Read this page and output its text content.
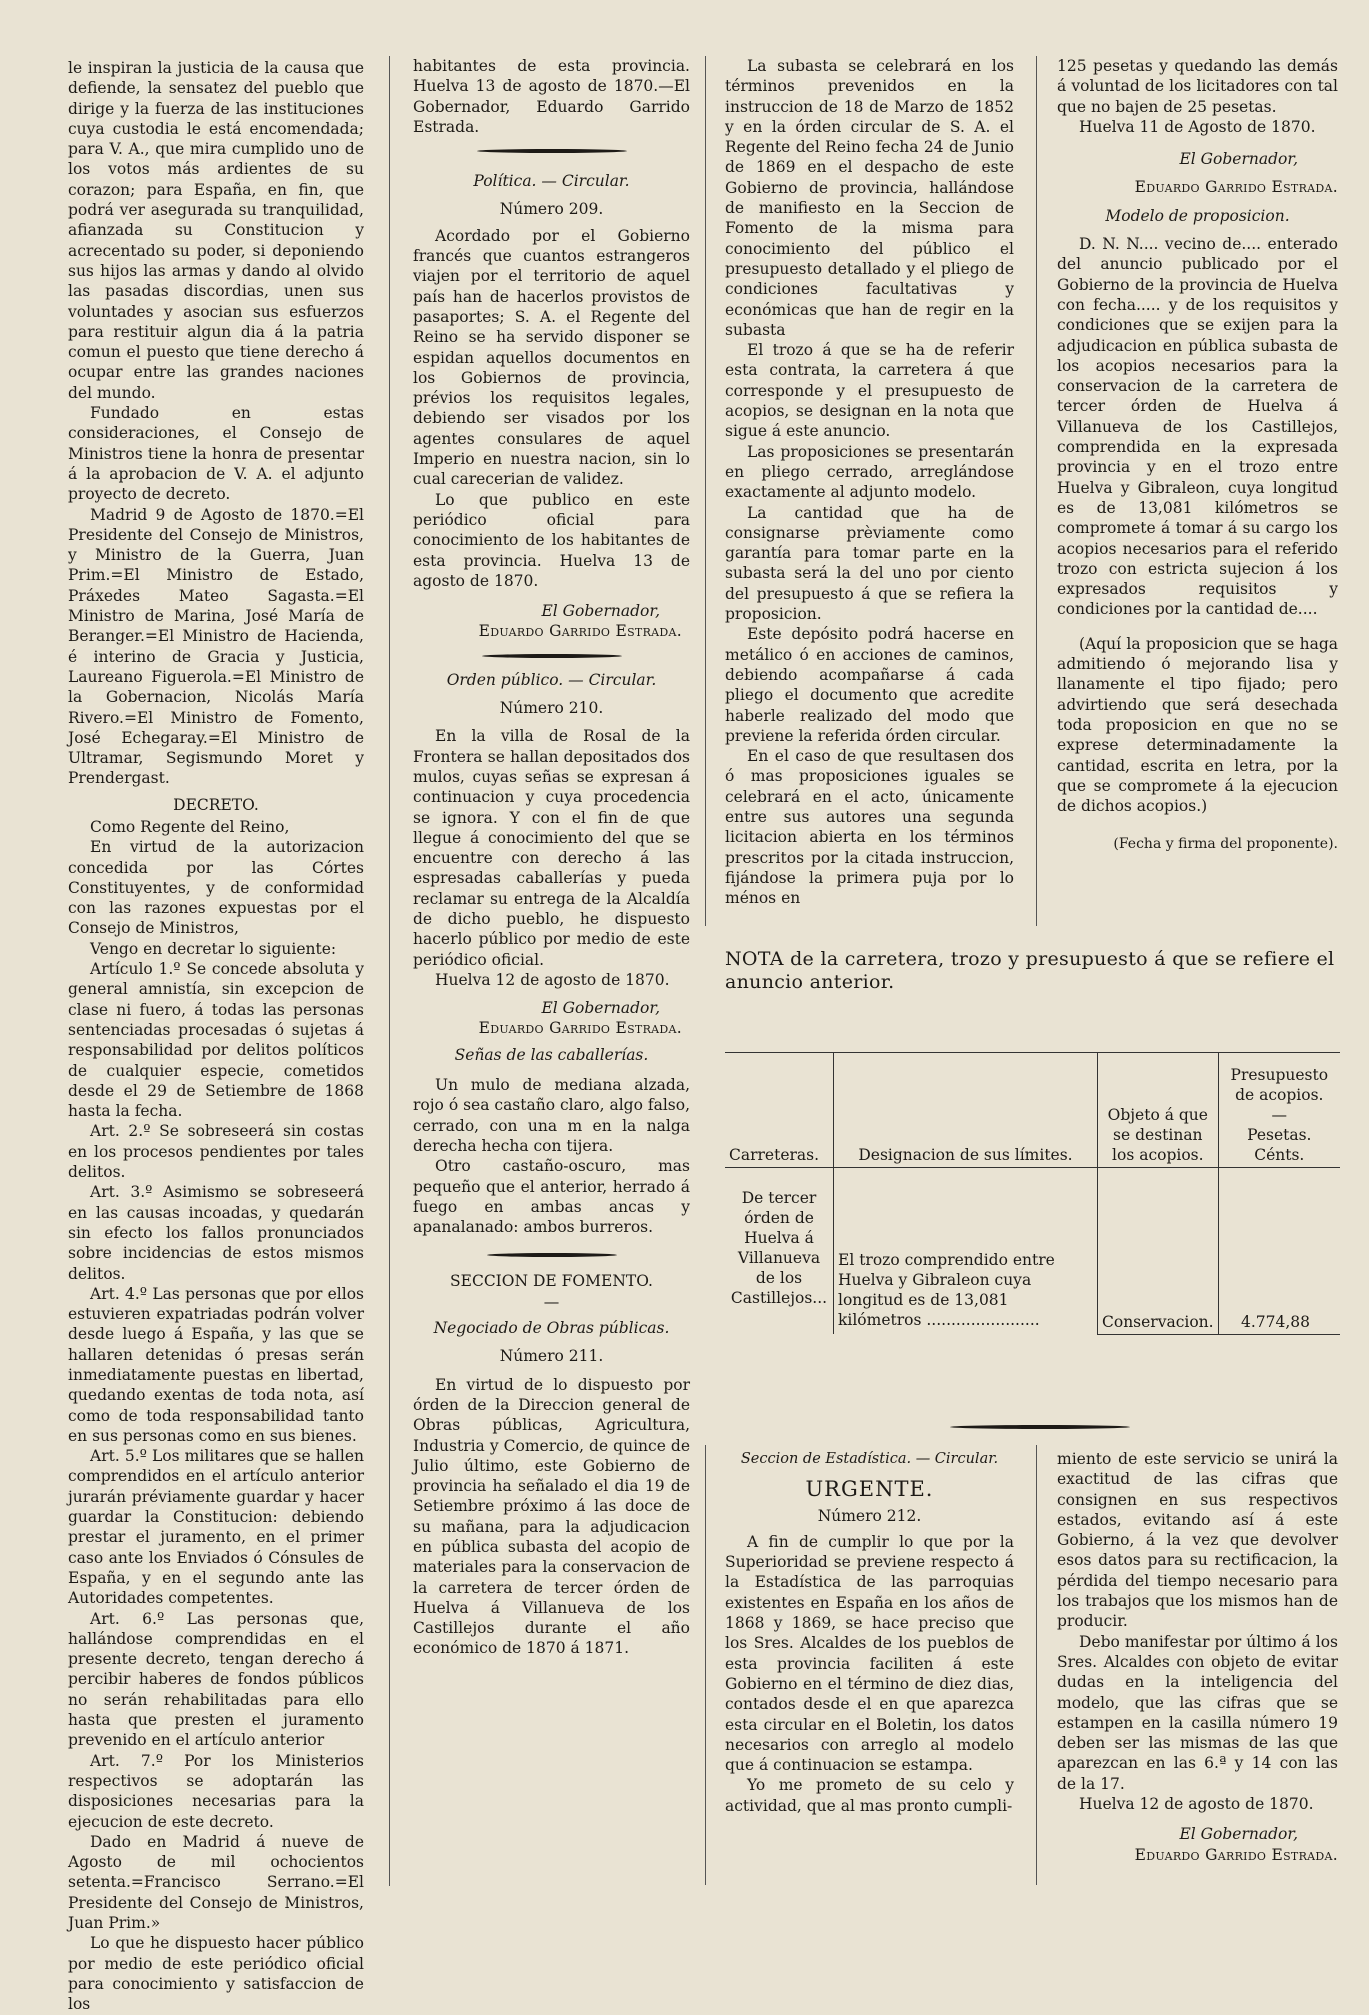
le inspiran la justicia de la causa que defiende, la sensatez del pueblo que dirige y la fuerza de las instituciones cuya custodia le está encomendada; para V. A., que mira cumplido uno de los votos más ardientes de su corazon; para España, en fin, que podrá ver asegurada su tranquilidad, afianzada su Constitucion y acrecentado su poder, si deponiendo sus hijos las armas y dando al olvido las pasadas discordias, unen sus voluntades y asocian sus esfuerzos para restituir algun dia á la patria comun el puesto que tiene derecho á ocupar entre las grandes naciones del mundo.

Fundado en estas consideraciones, el Consejo de Ministros tiene la honra de presentar á la aprobacion de V. A. el adjunto proyecto de decreto.

Madrid 9 de Agosto de 1870.=El Presidente del Consejo de Ministros, y Ministro de la Guerra, Juan Prim.=El Ministro de Estado, Práxedes Mateo Sagasta.=El Ministro de Marina, José María de Beranger.=El Ministro de Hacienda, é interino de Gracia y Justicia, Laureano Figuerola.=El Ministro de la Gobernacion, Nicolás María Rivero.=El Ministro de Fomento, José Echegaray.=El Ministro de Ultramar, Segismundo Moret y Prendergast.

DECRETO.

Como Regente del Reino,

En virtud de la autorizacion concedida por las Córtes Constituyentes, y de conformidad con las razones expuestas por el Consejo de Ministros,

Vengo en decretar lo siguiente:

Artículo 1.º Se concede absoluta y general amnistía, sin excepcion de clase ni fuero, á todas las personas sentenciadas procesadas ó sujetas á responsabilidad por delitos políticos de cualquier especie, cometidos desde el 29 de Setiembre de 1868 hasta la fecha.

Art. 2.º Se sobreseerá sin costas en los procesos pendientes por tales delitos.

Art. 3.º Asimismo se sobreseerá en las causas incoadas, y quedarán sin efecto los fallos pronunciados sobre incidencias de estos mismos delitos.

Art. 4.º Las personas que por ellos estuvieren expatriadas podrán volver desde luego á España, y las que se hallaren detenidas ó presas serán inmediatamente puestas en libertad, quedando exentas de toda nota, así como de toda responsabilidad tanto en sus personas como en sus bienes.

Art. 5.º Los militares que se hallen comprendidos en el artículo anterior jurarán préviamente guardar y hacer guardar la Constitucion: debiendo prestar el juramento, en el primer caso ante los Enviados ó Cónsules de España, y en el segundo ante las Autoridades competentes.

Art. 6.º Las personas que, hallándose comprendidas en el presente decreto, tengan derecho á percibir haberes de fondos públicos no serán rehabilitadas para ello hasta que presten el juramento prevenido en el artículo anterior

Art. 7.º Por los Ministerios respectivos se adoptarán las disposiciones necesarias para la ejecucion de este decreto.

Dado en Madrid á nueve de Agosto de mil ochocientos setenta.=Francisco Serrano.=El Presidente del Consejo de Ministros, Juan Prim.»

Lo que he dispuesto hacer público por medio de este periódico oficial para conocimiento y satisfaccion de los

habitantes de esta provincia. Huelva 13 de agosto de 1870.—El Gobernador, Eduardo Garrido Estrada.

Política. — Circular.

Número 209.

Acordado por el Gobierno francés que cuantos estrangeros viajen por el territorio de aquel país han de hacerlos provistos de pasaportes; S. A. el Regente del Reino se ha servido disponer se espidan aquellos documentos en los Gobiernos de provincia, prévios los requisitos legales, debiendo ser visados por los agentes consulares de aquel Imperio en nuestra nacion, sin lo cual carecerian de validez.

Lo que publico en este periódico oficial para conocimiento de los habitantes de esta provincia. Huelva 13 de agosto de 1870.

El Gobernador,

Eduardo Garrido Estrada.

Orden público. — Circular.

Número 210.

En la villa de Rosal de la Frontera se hallan depositados dos mulos, cuyas señas se expresan á continuacion y cuya procedencia se ignora. Y con el fin de que llegue á conocimiento del que se encuentre con derecho á las espresadas caballerías y pueda reclamar su entrega de la Alcaldía de dicho pueblo, he dispuesto hacerlo público por medio de este periódico oficial.

Huelva 12 de agosto de 1870.

El Gobernador,

Eduardo Garrido Estrada.

Señas de las caballerías.

Un mulo de mediana alzada, rojo ó sea castaño claro, algo falso, cerrado, con una m en la nalga derecha hecha con tijera.

Otro castaño-oscuro, mas pequeño que el anterior, herrado á fuego en ambas ancas y apanalanado: ambos burreros.

SECCION DE FOMENTO.

—

Negociado de Obras públicas.

Número 211.

En virtud de lo dispuesto por órden de la Direccion general de Obras públicas, Agricultura, Industria y Comercio, de quince de Julio último, este Gobierno de provincia ha señalado el dia 19 de Setiembre próximo á las doce de su mañana, para la adjudicacion en pública subasta del acopio de materiales para la conservacion de la carretera de tercer órden de Huelva á Villanueva de los Castillejos durante el año económico de 1870 á 1871.

La subasta se celebrará en los términos prevenidos en la instruccion de 18 de Marzo de 1852 y en la órden circular de S. A. el Regente del Reino fecha 24 de Junio de 1869 en el despacho de este Gobierno de provincia, hallándose de manifiesto en la Seccion de Fomento de la misma para conocimiento del público el presupuesto detallado y el pliego de condiciones facultativas y económicas que han de regir en la subasta

El trozo á que se ha de referir esta contrata, la carretera á que corresponde y el presupuesto de acopios, se designan en la nota que sigue á este anuncio.

Las proposiciones se presentarán en pliego cerrado, arreglándose exactamente al adjunto modelo.

La cantidad que ha de consignarse prèviamente como garantía para tomar parte en la subasta será la del uno por ciento del presupuesto á que se refiera la proposicion.

Este depósito podrá hacerse en metálico ó en acciones de caminos, debiendo acompañarse á cada pliego el documento que acredite haberle realizado del modo que previene la referida órden circular.

En el caso de que resultasen dos ó mas proposiciones iguales se celebrará en el acto, únicamente entre sus autores una segunda licitacion abierta en los términos prescritos por la citada instruccion, fijándose la primera puja por lo ménos en

125 pesetas y quedando las demás á voluntad de los licitadores con tal que no bajen de 25 pesetas.

Huelva 11 de Agosto de 1870.

El Gobernador,

Eduardo Garrido Estrada.

Modelo de proposicion.

D. N. N.... vecino de.... enterado del anuncio publicado por el Gobierno de la provincia de Huelva con fecha..... y de los requisitos y condiciones que se exijen para la adjudicacion en pública subasta de los acopios necesarios para la conservacion de la carretera de tercer órden de Huelva á Villanueva de los Castillejos, comprendida en la expresada provincia y en el trozo entre Huelva y Gibraleon, cuya longitud es de 13,081 kilómetros se compromete á tomar á su cargo los acopios necesarios para el referido trozo con estricta sujecion á los expresados requisitos y condiciones por la cantidad de....

(Aquí la proposicion que se haga admitiendo ó mejorando lisa y llanamente el tipo fijado; pero advirtiendo que será desechada toda proposicion en que no se exprese determinadamente la cantidad, escrita en letra, por la que se compromete á la ejecucion de dichos acopios.)

(Fecha y firma del proponente).

NOTA de la carretera, trozo y presupuesto á que se refiere el anuncio anterior.
Carreteras.	Designacion de sus límites.	Objeto á que se destinan los acopios.	Presupuesto de acopios.
—
Pesetas. Cénts.
De tercer órden de Huelva á Villanueva de los Castillejos...	El trozo comprendido entre Huelva y Gibraleon cuya longitud es de 13,081 kilómetros .......................	Conservacion.	4.774,88

Seccion de Estadística. — Circular.

URGENTE.

Número 212.

A fin de cumplir lo que por la Superioridad se previene respecto á la Estadística de las parroquias existentes en España en los años de 1868 y 1869, se hace preciso que los Sres. Alcaldes de los pueblos de esta provincia faciliten á este Gobierno en el término de diez dias, contados desde el en que aparezca esta circular en el Boletin, los datos necesarios con arreglo al modelo que á continuacion se estampa.

Yo me prometo de su celo y actividad, que al mas pronto cumpli-

miento de este servicio se unirá la exactitud de las cifras que consignen en sus respectivos estados, evitando así á este Gobierno, á la vez que devolver esos datos para su rectificacion, la pérdida del tiempo necesario para los trabajos que los mismos han de producir.

Debo manifestar por último á los Sres. Alcaldes con objeto de evitar dudas en la inteligencia del modelo, que las cifras que se estampen en la casilla número 19 deben ser las mismas de las que aparezcan en las 6.ª y 14 con las de la 17.

Huelva 12 de agosto de 1870.

El Gobernador,

Eduardo Garrido Estrada.
